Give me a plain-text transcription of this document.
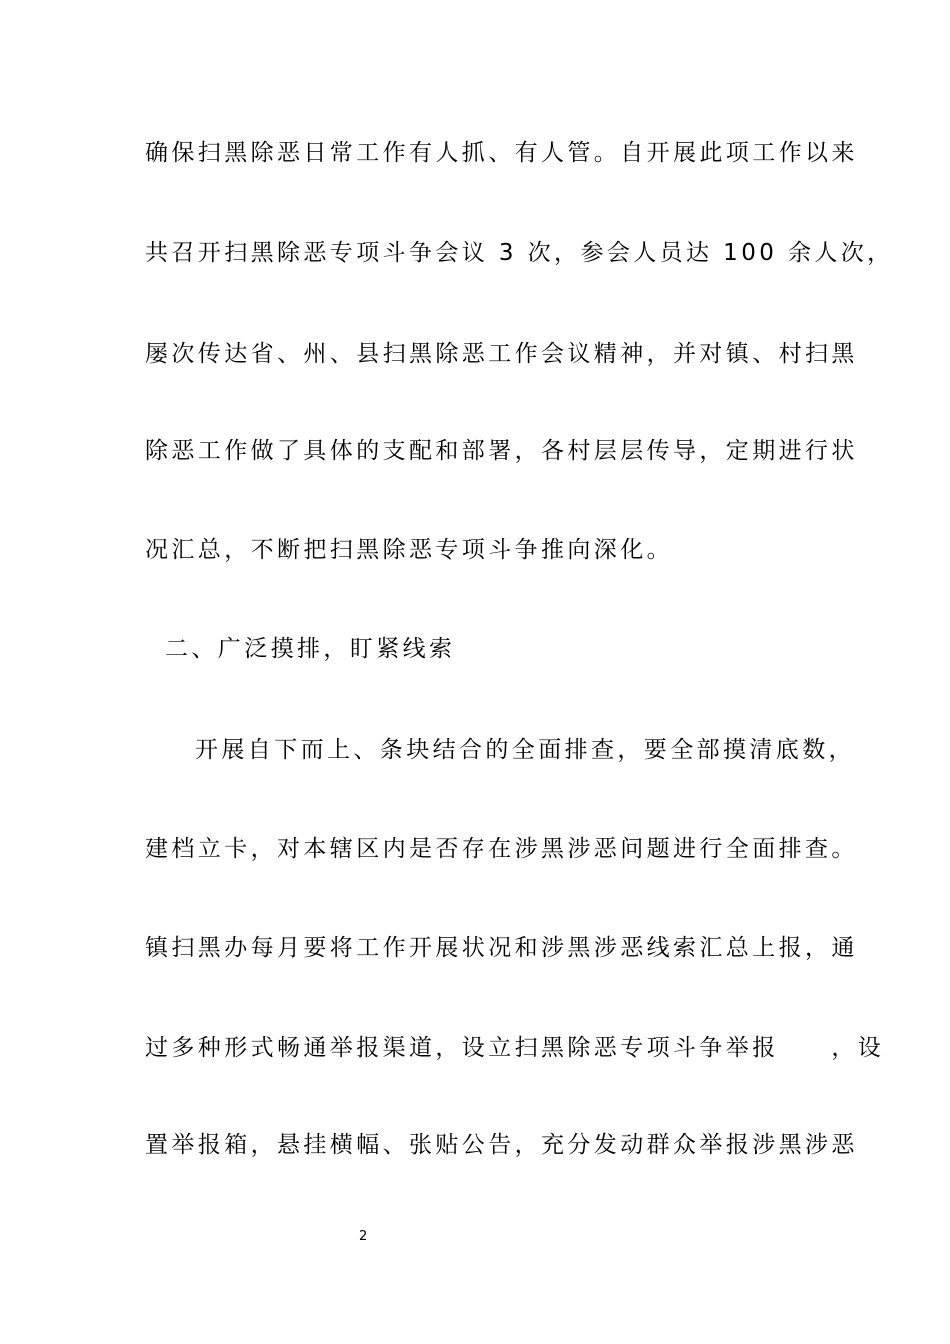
确保扫黑除恶日常工作有人抓、有人管。自开展此项工作以来
共召开扫黑除恶专项斗争会议 3 次，参会人员达 100 余人次，
屡次传达省、州、县扫黑除恶工作会议精神，并对镇、村扫黑
除恶工作做了具体的支配和部署，各村层层传导，定期进行状
况汇总，不断把扫黑除恶专项斗争推向深化。
二、广泛摸排，盯紧线索
开展自下而上、条块结合的全面排查，要全部摸清底数，
建档立卡，对本辖区内是否存在涉黑涉恶问题进行全面排查。
镇扫黑办每月要将工作开展状况和涉黑涉恶线索汇总上报，通
过多种形式畅通举报渠道，设立扫黑除恶专项斗争举报　　，设
置举报箱，悬挂横幅、张贴公告，充分发动群众举报涉黑涉恶
2
